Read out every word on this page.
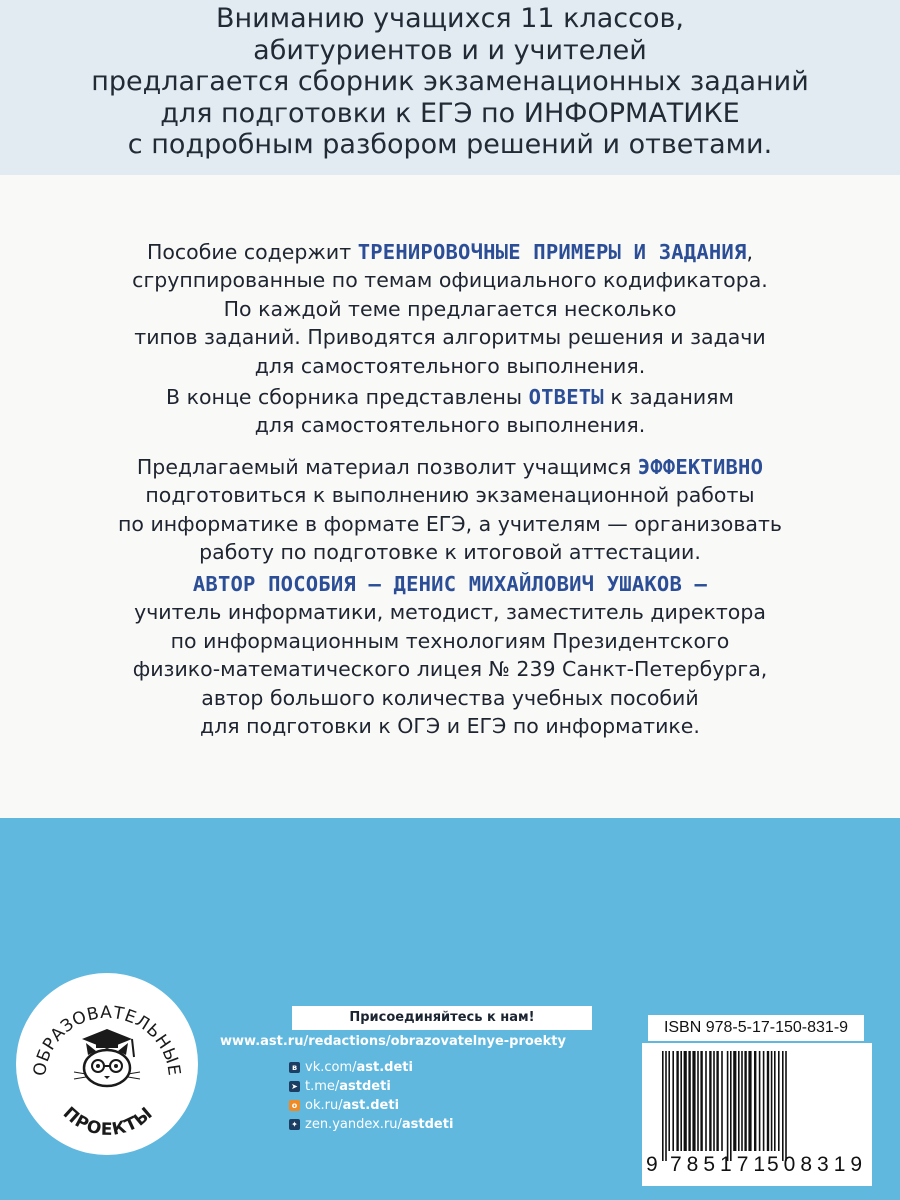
Вниманию учащихся 11 классов,
абитуриентов и и учителей
предлагается сборник экзаменационных заданий
для подготовки к ЕГЭ по ИНФОРМАТИКЕ
с подробным разбором решений и ответами.
Пособие содержит ТРЕНИРОВОЧНЫЕ ПРИМЕРЫ И ЗАДАНИЯ,
сгруппированные по темам официального кодификатора.
По каждой теме предлагается несколько
типов заданий. Приводятся алгоритмы решения и задачи
для самостоятельного выполнения.
В конце сборника представлены ОТВЕТЫ к заданиям
для самостоятельного выполнения.
Предлагаемый материал позволит учащимся ЭФФЕКТИВНО
подготовиться к выполнению экзаменационной работы
по информатике в формате ЕГЭ, а учителям — организовать
работу по подготовке к итоговой аттестации.
АВТОР ПОСОБИЯ — ДЕНИС МИХАЙЛОВИЧ УШАКОВ —
учитель информатики, методист, заместитель директора
по информационным технологиям Президентского
физико-математического лицея № 239 Санкт-Петербурга,
автор большого количества учебных пособий
для подготовки к ОГЭ и ЕГЭ по информатике.
ОБРАЗОВАТЕЛЬНЫЕ
ПРОЕКТЫ
Присоединяйтесь к нам!
www.ast.ru/redactions/obrazovatelnye-proekty
в vk.com/ ast.deti
➤ t.me/ astdeti
о ok.ru/ ast.deti
✦ zen.yandex.ru/ astdeti
ISBN 978-5-17-150-831-9
9 785171
508319
